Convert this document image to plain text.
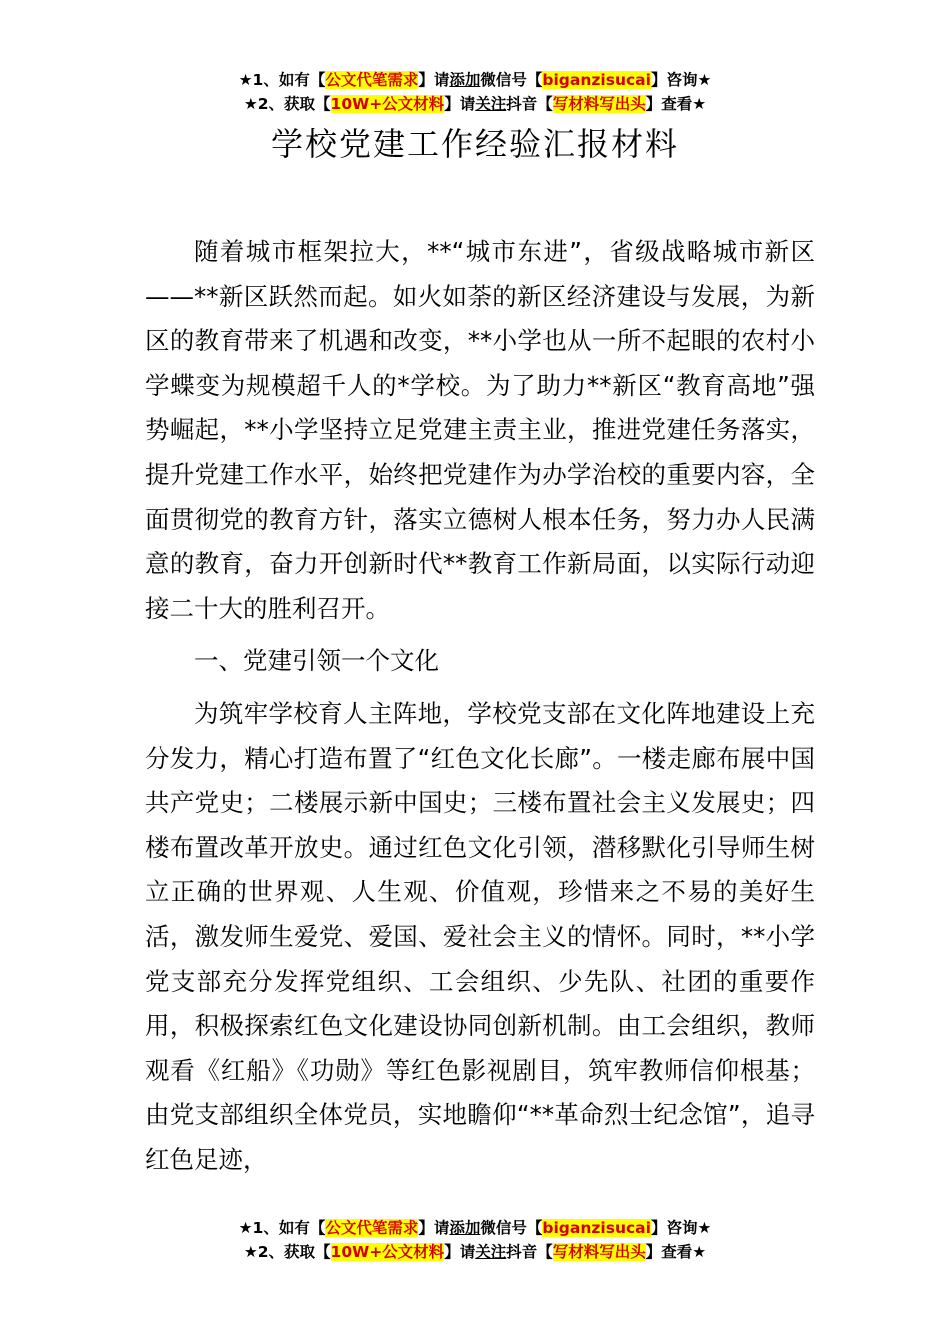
★1、如有【公文代笔需求】请添加微信号【biganzisucai】咨询★
★2、获取【10W+公文材料】请关注抖音【写材料写出头】查看★
学校党建工作经验汇报材料

随着城市框架拉大，**“城市东进”，省级战略城市新区——**新区跃然而起。如火如荼的新区经济建设与发展，为新区的教育带来了机遇和改变，**小学也从一所不起眼的农村小学蝶变为规模超千人的*学校。为了助力**新区“教育高地”强势崛起，**小学坚持立足党建主责主业，推进党建任务落实，提升党建工作水平，始终把党建作为办学治校的重要内容，全面贯彻党的教育方针，落实立德树人根本任务，努力办人民满意的教育，奋力开创新时代**教育工作新局面，以实际行动迎接二十大的胜利召开。

一、党建引领一个文化

为筑牢学校育人主阵地，学校党支部在文化阵地建设上充分发力，精心打造布置了“红色文化长廊”。一楼走廊布展中国共产党史；二楼展示新中国史；三楼布置社会主义发展史；四楼布置改革开放史。通过红色文化引领，潜移默化引导师生树立正确的世界观、人生观、价值观，珍惜来之不易的美好生活，激发师生爱党、爱国、爱社会主义的情怀。同时，**小学党支部充分发挥党组织、工会组织、少先队、社团的重要作用，积极探索红色文化建设协同创新机制。由工会组织，教师观看《红船》《功勋》等红色影视剧目，筑牢教师信仰根基；由党支部组织全体党员，实地瞻仰“**革命烈士纪念馆”，追寻红色足迹，

★1、如有【公文代笔需求】请添加微信号【biganzisucai】咨询★
★2、获取【10W+公文材料】请关注抖音【写材料写出头】查看★
